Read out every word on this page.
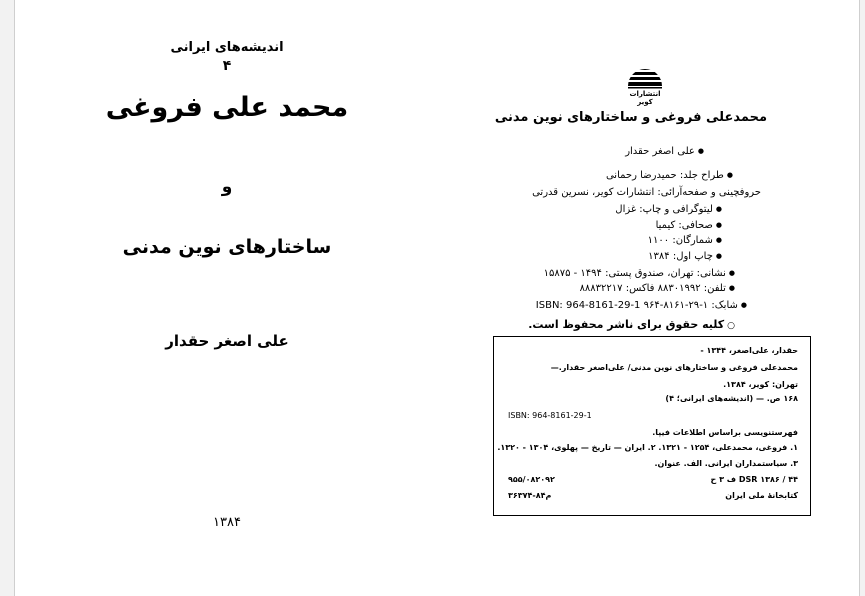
اندیشه‌های ایرانی
۴
محمد علی فروغی
و
ساختارهای نوین مدنی
علی اصغر حقدار
۱۳۸۴
انتشارات کویر
محمدعلی فروغی و ساختارهای نوین مدنی
● علی اصغر حقدار
● طراح جلد: حمیدرضا رحمانی
حروفچینی و صفحه‌آرائی: انتشارات کویر، نسرین قدرتی
● لیتوگرافی و چاپ: غزال
● صحافی: کیمیا
● شمارگان: ۱۱۰۰
● چاپ اول: ۱۳۸۴
● نشانی: تهران، صندوق پستی: ۱۴۹۴ - ۱۵۸۷۵
● تلفن: ۸۸۳۰۱۹۹۲ فاکس: ۸۸۸۳۲۲۱۷
● شابک: ۱-۲۹-۸۱۶۱-۹۶۴ ISBN: 964-8161-29-1
○ کلیه حقوق برای ناشر محفوظ است.
حقدار، علی‌اصغر، ۱۳۴۴ -
محمدعلی فروغی و ساختارهای نوین مدنی/ علی‌اصغر حقدار.—
تهران: کویر، ۱۳۸۴.
۱۶۸ ص. — (اندیشه‌های ایرانی؛ ۴)
ISBN: 964-8161-29-1
فهرستنویسی براساس اطلاعات فیپا.
۱. فروغی، محمدعلی، ۱۲۵۴ - ۱۳۲۱. ۲. ایران — تاریخ — پهلوی، ۱۳۰۴ - ۱۳۲۰.
۳. سیاستمداران ایرانی. الف. عنوان.
DSR ۱۳۸۶ / ۴۴ ف ۳ ح
۹۵۵/۰۸۲۰۹۲
کتابخانهٔ ملی ایران
م۸۴-۳۶۳۷۴
